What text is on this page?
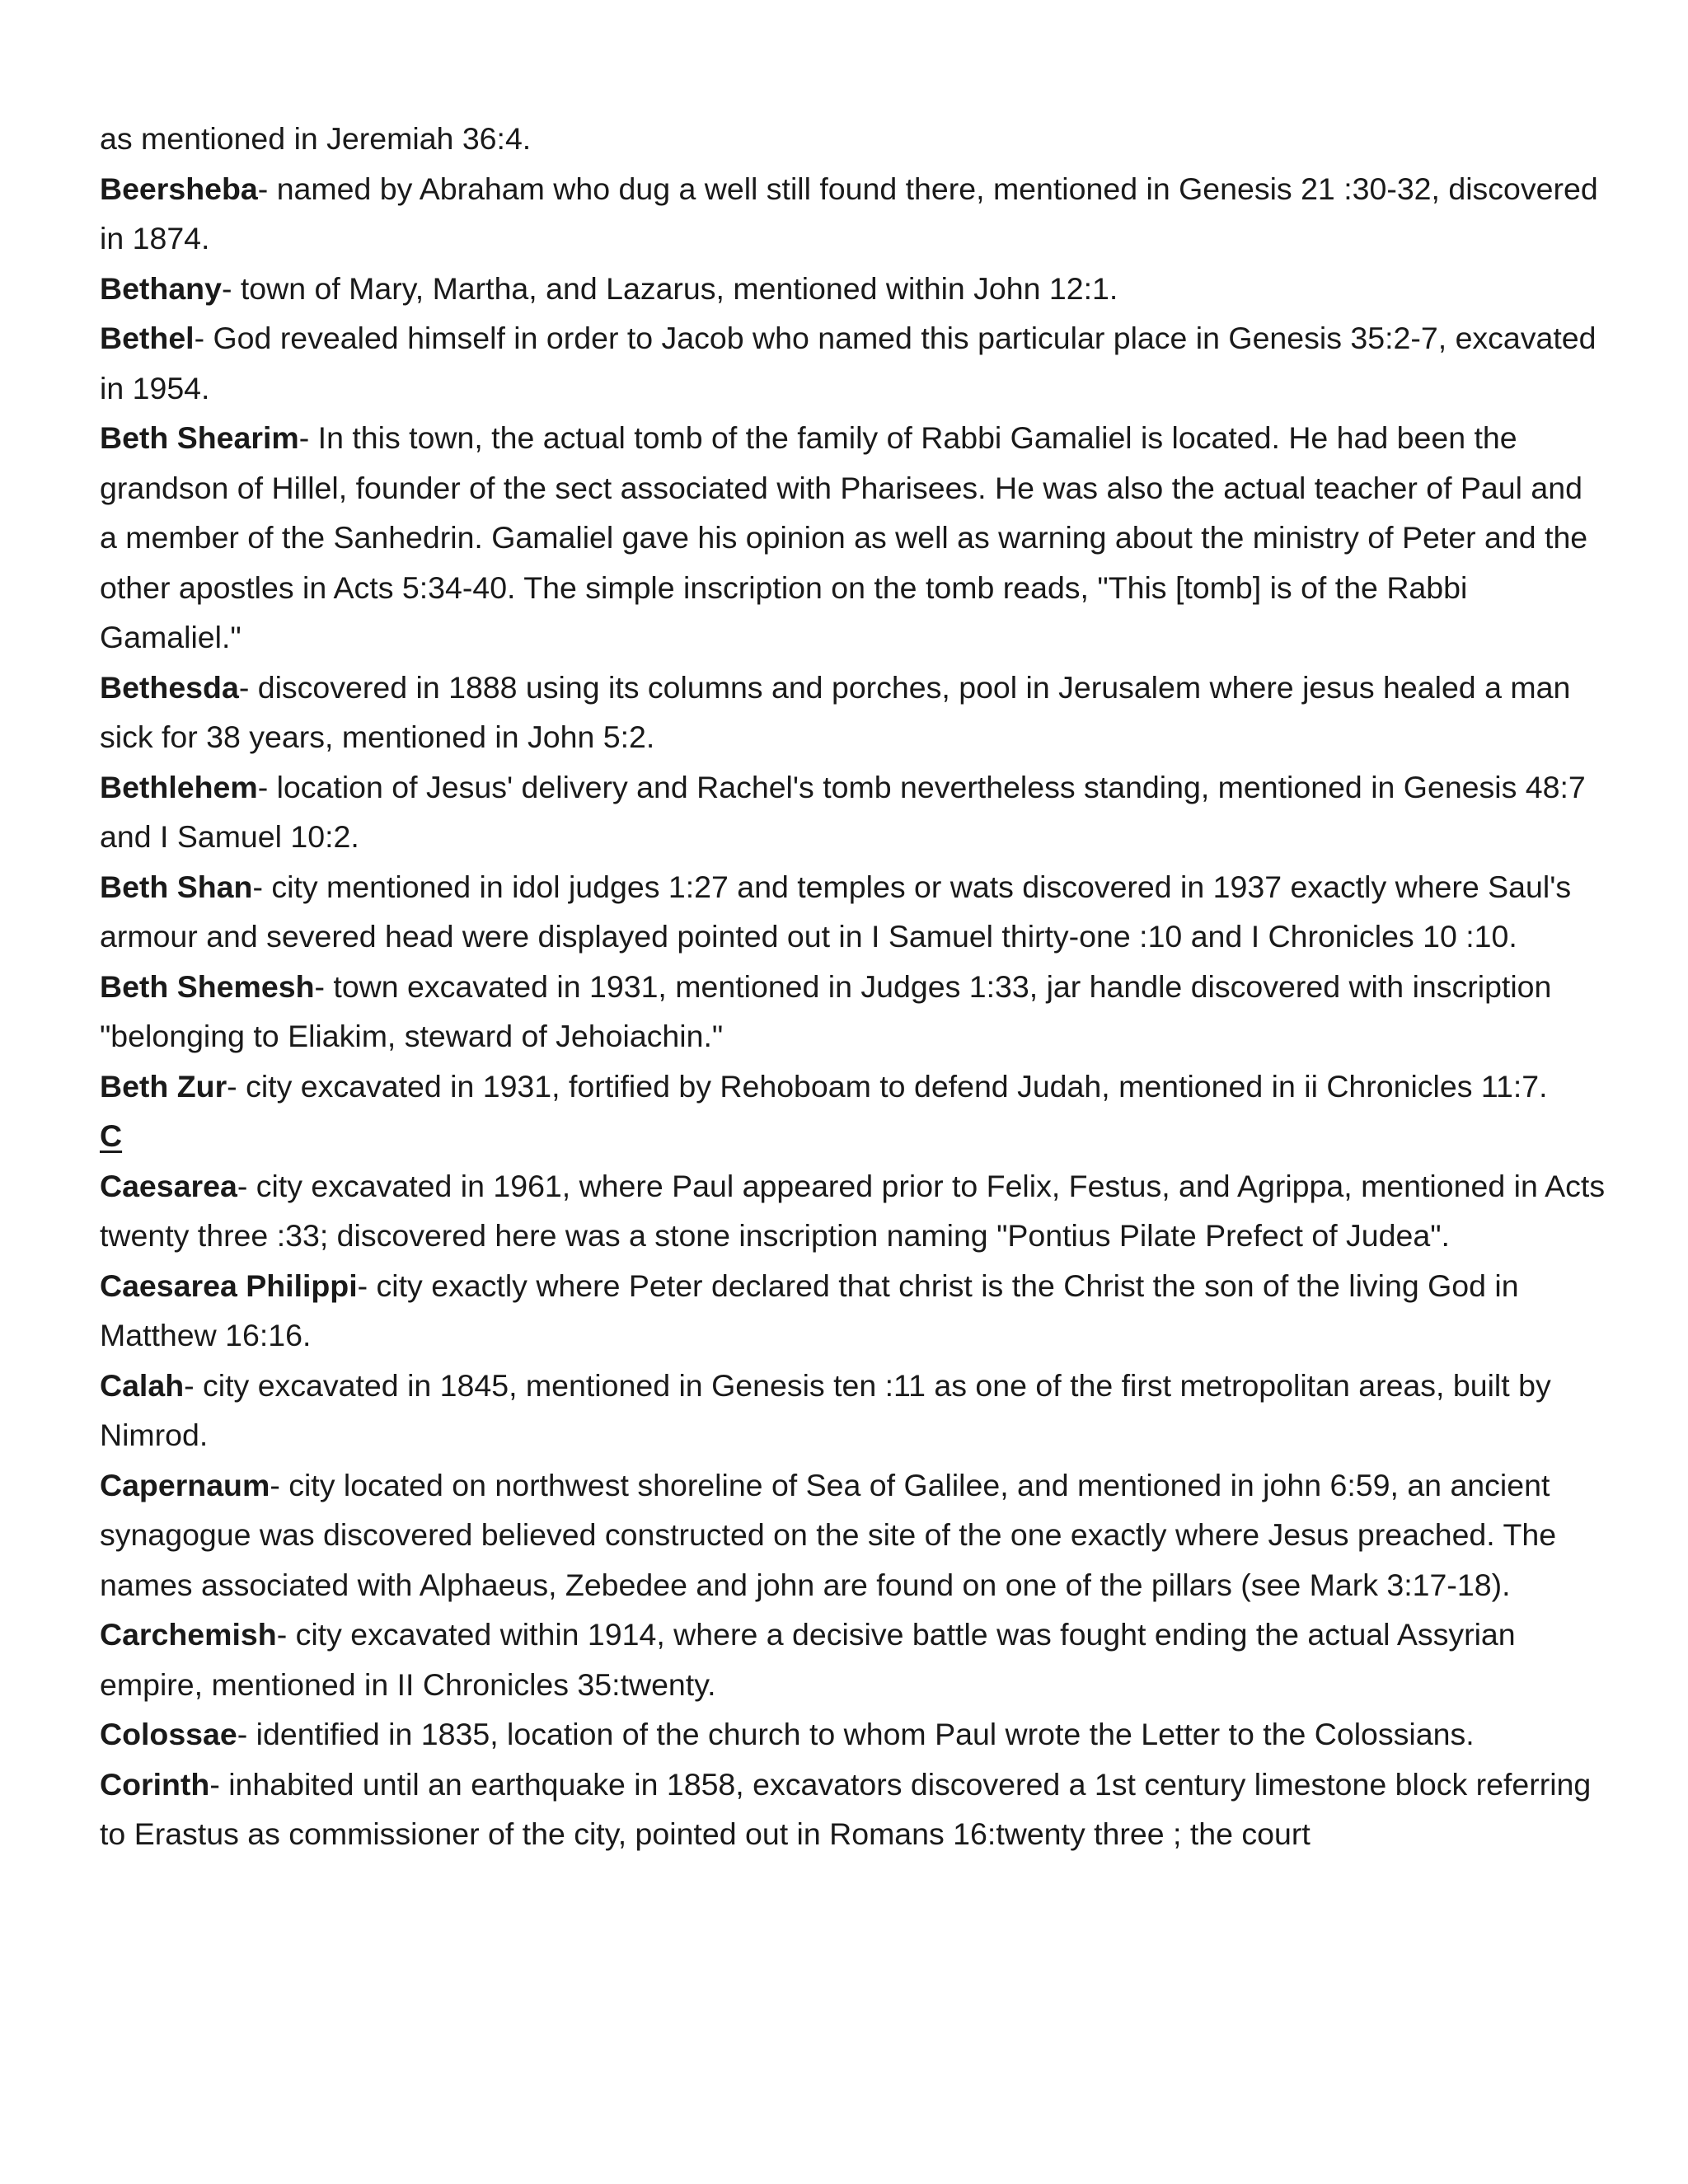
as mentioned in Jeremiah 36:4.

Beersheba- named by Abraham who dug a well still found there, mentioned in Genesis 21 :30-32, discovered in 1874.

Bethany- town of Mary, Martha, and Lazarus, mentioned within John 12:1.

Bethel- God revealed himself in order to Jacob who named this particular place in Genesis 35:2-7, excavated in 1954.

Beth Shearim- In this town, the actual tomb of the family of Rabbi Gamaliel is located. He had been the grandson of Hillel, founder of the sect associated with Pharisees. He was also the actual teacher of Paul and a member of the Sanhedrin. Gamaliel gave his opinion as well as warning about the ministry of Peter and the other apostles in Acts 5:34-40. The simple inscription on the tomb reads, "This [tomb] is of the Rabbi Gamaliel."

Bethesda- discovered in 1888 using its columns and porches, pool in Jerusalem where jesus healed a man sick for 38 years, mentioned in John 5:2.

Bethlehem- location of Jesus' delivery and Rachel's tomb nevertheless standing, mentioned in Genesis 48:7 and I Samuel 10:2.

Beth Shan- city mentioned in idol judges 1:27 and temples or wats discovered in 1937 exactly where Saul's armour and severed head were displayed pointed out in I Samuel thirty-one :10 and I Chronicles 10 :10.

Beth Shemesh- town excavated in 1931, mentioned in Judges 1:33, jar handle discovered with inscription "belonging to Eliakim, steward of Jehoiachin."

Beth Zur- city excavated in 1931, fortified by Rehoboam to defend Judah, mentioned in ii Chronicles 11:7.

C

Caesarea- city excavated in 1961, where Paul appeared prior to Felix, Festus, and Agrippa, mentioned in Acts twenty three :33; discovered here was a stone inscription naming "Pontius Pilate Prefect of Judea".

Caesarea Philippi- city exactly where Peter declared that christ is the Christ the son of the living God in Matthew 16:16.

Calah- city excavated in 1845, mentioned in Genesis ten :11 as one of the first metropolitan areas, built by Nimrod.

Capernaum- city located on northwest shoreline of Sea of Galilee, and mentioned in john 6:59, an ancient synagogue was discovered believed constructed on the site of the one exactly where Jesus preached. The names associated with Alphaeus, Zebedee and john are found on one of the pillars (see Mark 3:17-18).

Carchemish- city excavated within 1914, where a decisive battle was fought ending the actual Assyrian empire, mentioned in II Chronicles 35:twenty.

Colossae- identified in 1835, location of the church to whom Paul wrote the Letter to the Colossians.

Corinth- inhabited until an earthquake in 1858, excavators discovered a 1st century limestone block referring to Erastus as commissioner of the city, pointed out in Romans 16:twenty three ; the court
